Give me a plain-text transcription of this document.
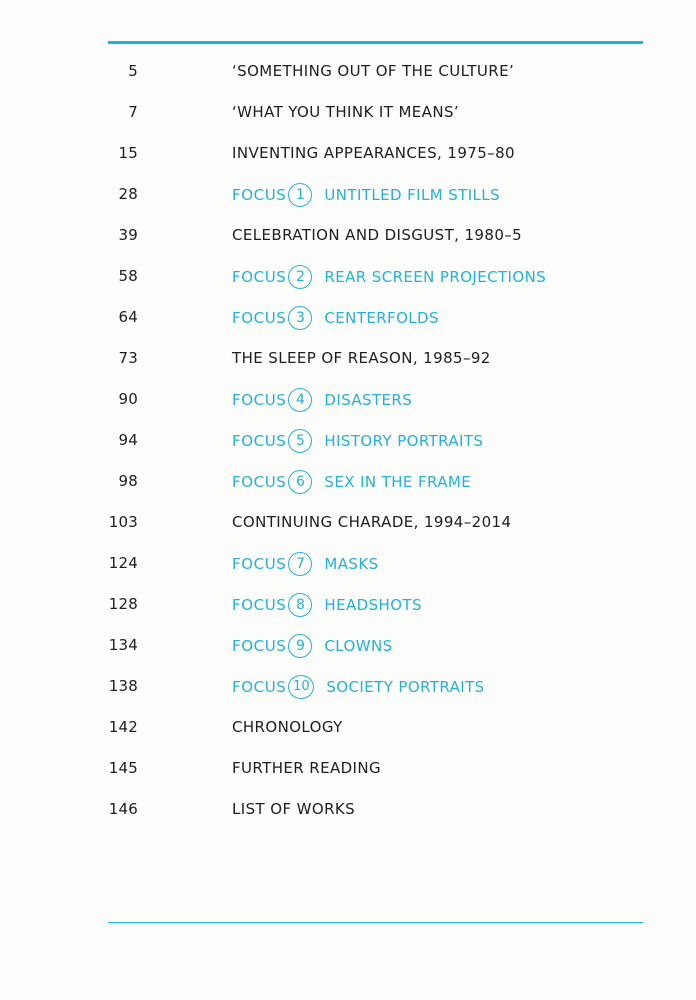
5	‘SOMETHING OUT OF THE CULTURE’
7	‘WHAT YOU THINK IT MEANS’
15	INVENTING APPEARANCES, 1975–80
28	FOCUS 1	UNTITLED FILM STILLS
39	CELEBRATION AND DISGUST, 1980–5
58	FOCUS 2	REAR SCREEN PROJECTIONS
64	FOCUS 3	CENTERFOLDS
73	THE SLEEP OF REASON, 1985–92
90	FOCUS 4	DISASTERS
94	FOCUS 5	HISTORY PORTRAITS
98	FOCUS 6	SEX IN THE FRAME
103	CONTINUING CHARADE, 1994–2014
124	FOCUS 7	MASKS
128	FOCUS 8	HEADSHOTS
134	FOCUS 9	CLOWNS
138	FOCUS 10	SOCIETY PORTRAITS
142	CHRONOLOGY
145	FURTHER READING
146	LIST OF WORKS
